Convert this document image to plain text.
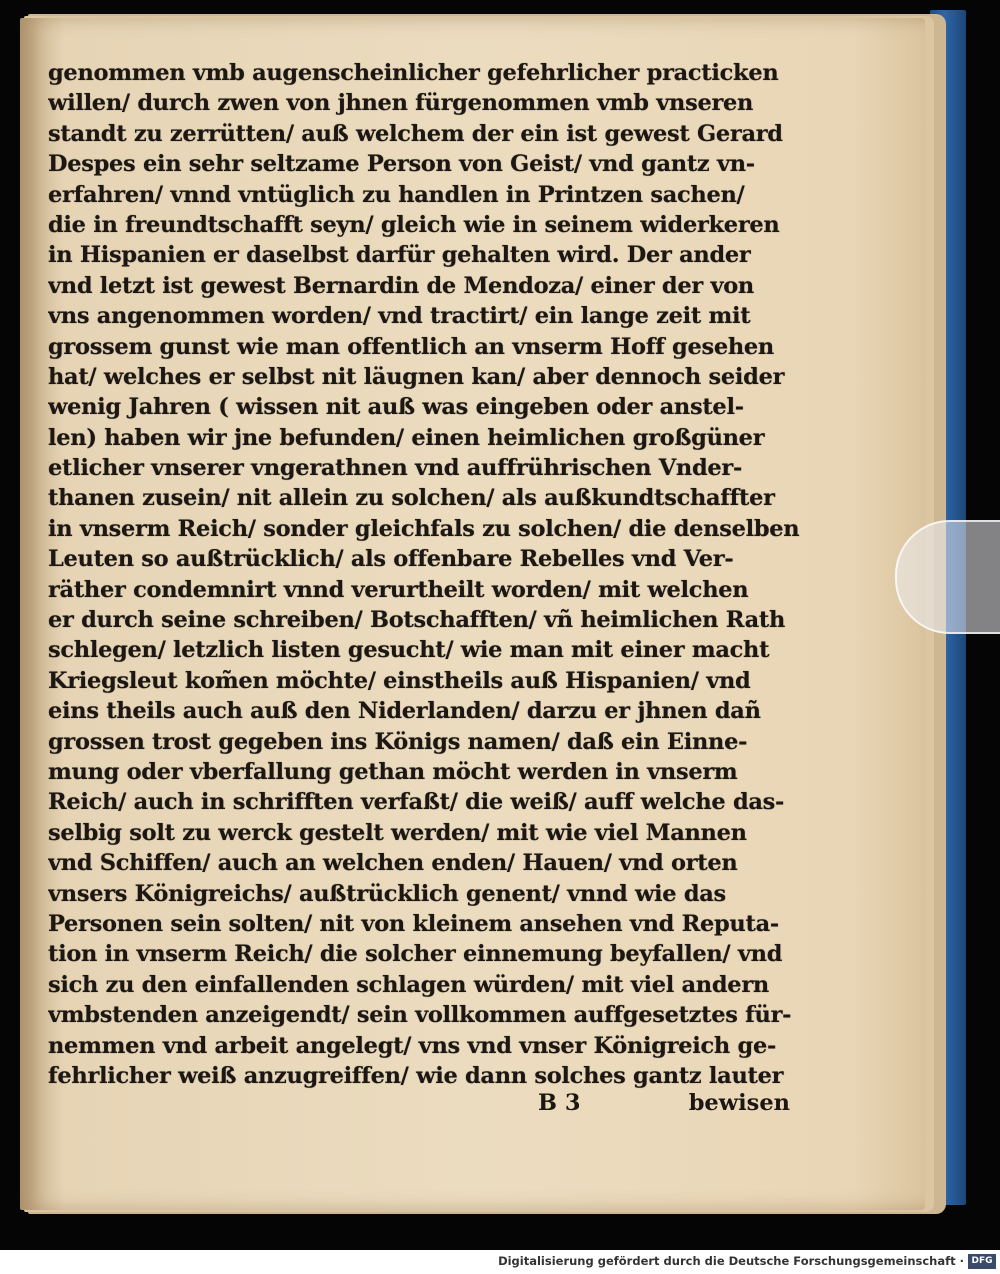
genommen vmb augenscheinlicher gefehrlicher practicken

willen/ durch zwen von jhnen fürgenommen vmb vnseren

standt zu zerrütten/ auß welchem der ein ist gewest Gerard

Despes ein sehr seltzame Person von Geist/ vnd gantz vn-

erfahren/ vnnd vntüglich zu handlen in Printzen sachen/

die in freundtschafft seyn/ gleich wie in seinem widerkeren

in Hispanien er daselbst darfür gehalten wird. Der ander

vnd letzt ist gewest Bernardin de Mendoza/ einer der von

vns angenommen worden/ vnd tractirt/ ein lange zeit mit

grossem gunst wie man offentlich an vnserm Hoff gesehen

hat/ welches er selbst nit läugnen kan/ aber dennoch seider

wenig Jahren ( wissen nit auß was eingeben oder anstel-

len) haben wir jne befunden/ einen heimlichen großgüner

etlicher vnserer vngerathnen vnd auffrührischen Vnder-

thanen zusein/ nit allein zu solchen/ als außkundtschaffter

in vnserm Reich/ sonder gleichfals zu solchen/ die denselben

Leuten so außtrücklich/ als offenbare Rebelles vnd Ver-

räther condemnirt vnnd verurtheilt worden/ mit welchen

er durch seine schreiben/ Botschafften/ vñ heimlichen Rath

schlegen/ letzlich listen gesucht/ wie man mit einer macht

Kriegsleut kom̃en möchte/ einstheils auß Hispanien/ vnd

eins theils auch auß den Niderlanden/ darzu er jhnen dañ

grossen trost gegeben ins Königs namen/ daß ein Einne-

mung oder vberfallung gethan möcht werden in vnserm

Reich/ auch in schrifften verfaßt/ die weiß/ auff welche das-

selbig solt zu werck gestelt werden/ mit wie viel Mannen

vnd Schiffen/ auch an welchen enden/ Hauen/ vnd orten

vnsers Königreichs/ außtrücklich genent/ vnnd wie das

Personen sein solten/ nit von kleinem ansehen vnd Reputa-

tion in vnserm Reich/ die solcher einnemung beyfallen/ vnd

sich zu den einfallenden schlagen würden/ mit viel andern

vmbstenden anzeigendt/ sein vollkommen auffgesetztes für-

nemmen vnd arbeit angelegt/ vns vnd vnser Königreich ge-

fehrlicher weiß anzugreiffen/ wie dann solches gantz lauter

B 3	bewisen
Digitalisierung gefördert durch die Deutsche Forschungsgemeinschaft · DFG
